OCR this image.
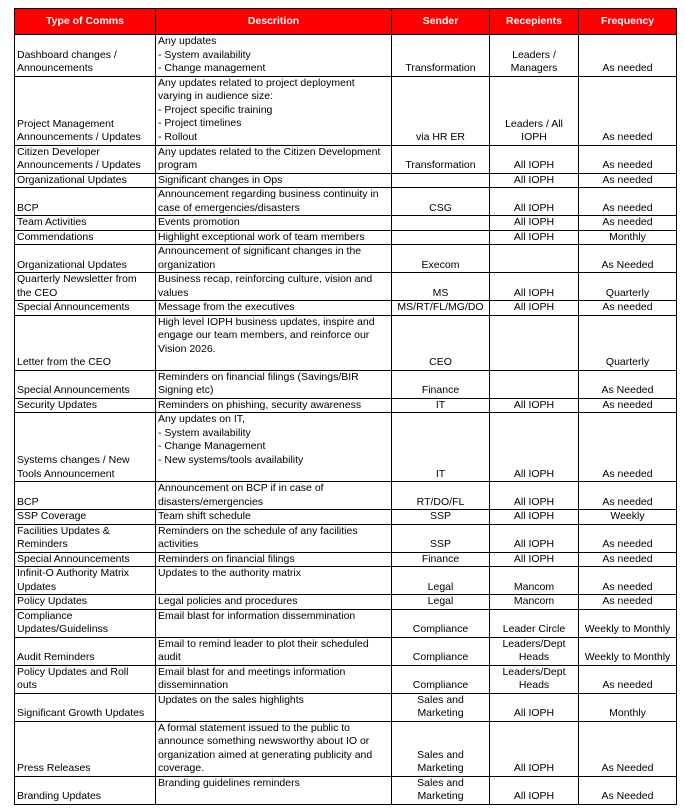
Type of Comms	Descrition	Sender	Recepients	Frequency

Dashboard changes /
Announcements	Any updates
- System availability
- Change management	Transformation	Leaders /
Managers	As needed

Project Management
Announcements / Updates	Any updates related to project deployment
varying in audience size:
- Project specific training
- Project timelines
- Rollout	via HR ER	Leaders / All
IOPH	As needed

Citizen Developer
Announcements / Updates	Any updates related to the Citizen Development
program	Transformation	All IOPH	As needed

Organizational Updates	Significant changes in Ops		All IOPH	As needed

BCP	Announcement regarding business continuity in
case of emergencies/disasters	CSG	All IOPH	As needed

Team Activities	Events promotion		All IOPH	As needed

Commendations	Highlight exceptional work of team members		All IOPH	Monthly

Organizational Updates	Announcement of significant changes in the
organization	Execom		As Needed

Quarterly Newsletter from
the CEO	Business recap, reinforcing culture, vision and
values	MS	All IOPH	Quarterly

Special Announcements	Message from the executives	MS/RT/FL/MG/DO	All IOPH	As needed

Letter from the CEO	High level IOPH business updates, inspire and
engage our team members, and reinforce our
Vision 2026.	CEO		Quarterly

Special Announcements	Reminders on financial filings (Savings/BIR
Signing etc)	Finance		As Needed

Security Updates	Reminders on phishing, security awareness	IT	All IOPH	As needed

Systems changes / New
Tools Announcement	Any updates on IT,
- System availability
- Change Management
- New systems/tools availability	IT	All IOPH	As needed

BCP	Announcement on BCP if in case of
disasters/emergencies	RT/DO/FL	All IOPH	As needed

SSP Coverage	Team shift schedule	SSP	All IOPH	Weekly

Facilities Updates &
Reminders	Reminders on the schedule of any facilities
activities	SSP	All IOPH	As needed

Special Announcements	Reminders on financial filings	Finance	All IOPH	As needed

Infinit-O Authority Matrix
Updates	Updates to the authority matrix	Legal	Mancom	As needed

Policy Updates	Legal policies and procedures	Legal	Mancom	As needed

Compliance
Updates/Guidelinss	Email blast for information dissemmination	Compliance	Leader Circle	Weekly to Monthly

Audit Reminders	Email to remind leader to plot their scheduled
audit	Compliance	Leaders/Dept
Heads	Weekly to Monthly

Policy Updates and Roll
outs	Email blast for and meetings information
disseminnation	Compliance	Leaders/Dept
Heads	As needed

Significant Growth Updates	Updates on the sales highlights	Sales and
Marketing	All IOPH	Monthly

Press Releases	A formal statement issued to the public to
announce something newsworthy about IO or
organization aimed at generating publicity and
coverage.	Sales and
Marketing	All IOPH	As Needed

Branding Updates	Branding guidelines reminders	Sales and
Marketing	All IOPH	As Needed
